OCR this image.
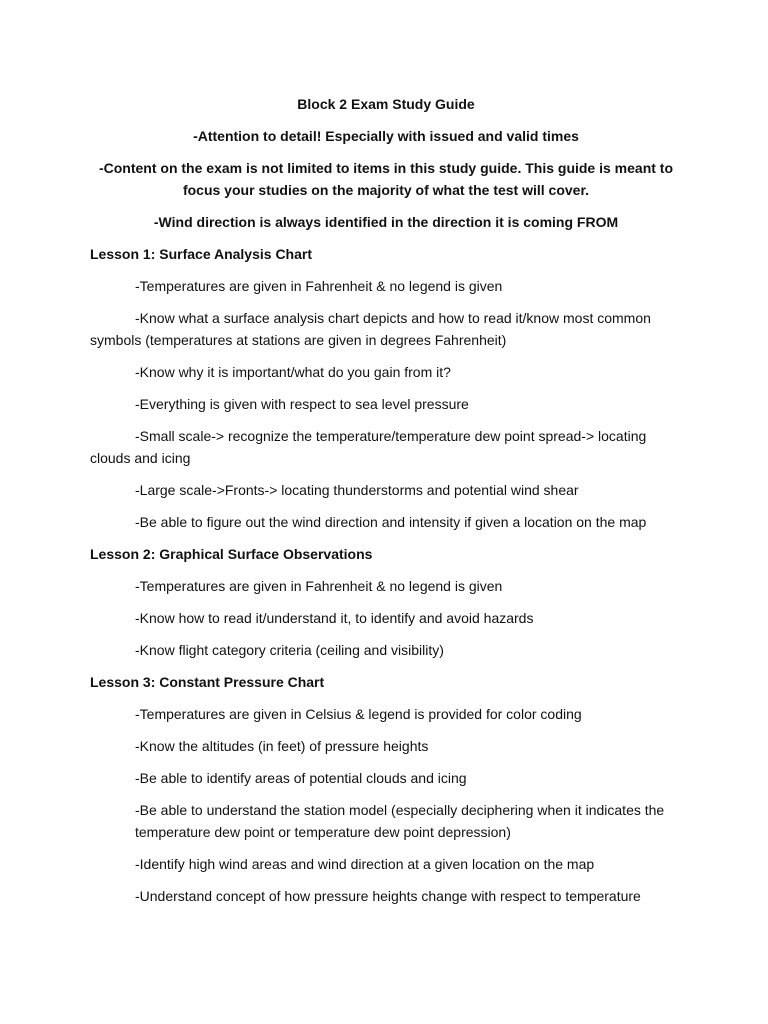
Block 2 Exam Study Guide

-Attention to detail! Especially with issued and valid times

-Content on the exam is not limited to items in this study guide. This guide is meant to focus your studies on the majority of what the test will cover.

-Wind direction is always identified in the direction it is coming FROM

Lesson 1: Surface Analysis Chart

-Temperatures are given in Fahrenheit & no legend is given

-Know what a surface analysis chart depicts and how to read it/know most common symbols (temperatures at stations are given in degrees Fahrenheit)

-Know why it is important/what do you gain from it?

-Everything is given with respect to sea level pressure

-Small scale-> recognize the temperature/temperature dew point spread-> locating clouds and icing

-Large scale->Fronts-> locating thunderstorms and potential wind shear

-Be able to figure out the wind direction and intensity if given a location on the map

Lesson 2: Graphical Surface Observations

-Temperatures are given in Fahrenheit & no legend is given

-Know how to read it/understand it, to identify and avoid hazards

-Know flight category criteria (ceiling and visibility)

Lesson 3: Constant Pressure Chart

-Temperatures are given in Celsius & legend is provided for color coding

-Know the altitudes (in feet) of pressure heights

-Be able to identify areas of potential clouds and icing

-Be able to understand the station model (especially deciphering when it indicates the temperature dew point or temperature dew point depression)

-Identify high wind areas and wind direction at a given location on the map

-Understand concept of how pressure heights change with respect to temperature
